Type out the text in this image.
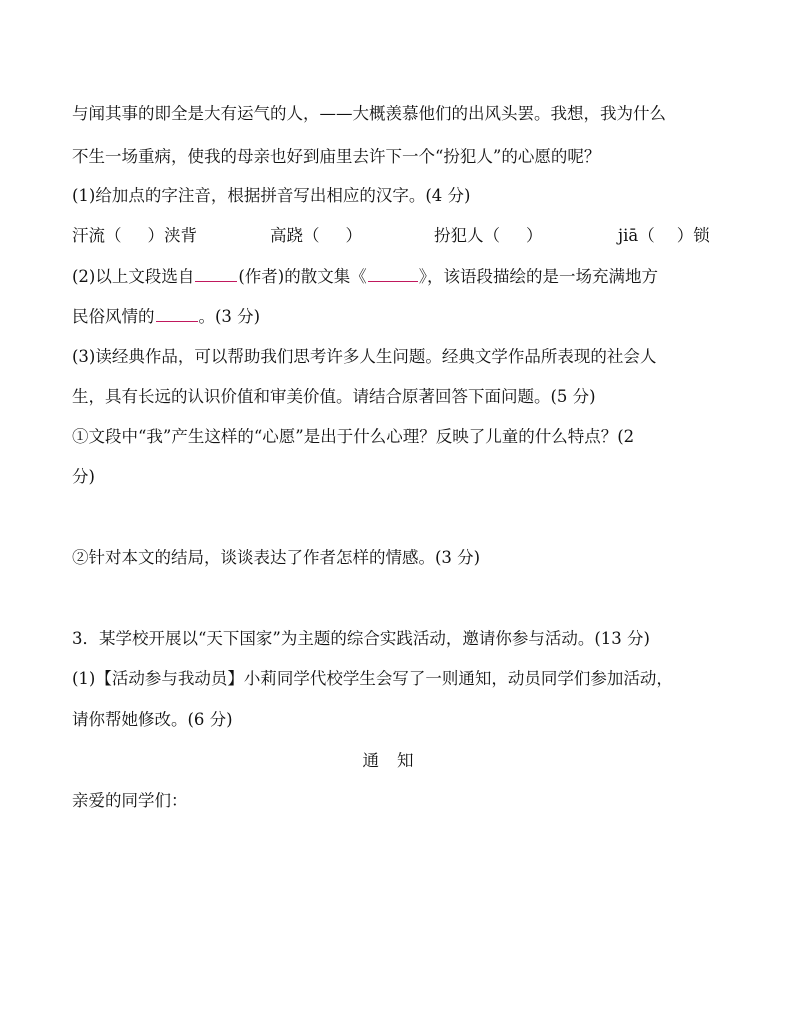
与闻其事的即全是大有运气的人，——大概羡慕他们的出风头罢。我想，我为什么
不生一场重病，使我的母亲也好到庙里去许下一个“扮犯人”的心愿的呢？
(1)给加点的字注音，根据拼音写出相应的汉字。(4 分)
汗流（ ）浃背	高跷（ ）	扮犯人（ ）	jiā（ ）锁
(2)以上文段选自	(作者)的散文集《	》，该语段描绘的是一场充满地方
民俗风情的	。(3 分)
(3)读经典作品，可以帮助我们思考许多人生问题。经典文学作品所表现的社会人
生，具有长远的认识价值和审美价值。请结合原著回答下面问题。(5 分)
①文段中“我”产生这样的“心愿”是出于什么心理？反映了儿童的什么特点？(2
分)
②针对本文的结局，谈谈表达了作者怎样的情感。(3 分)
3．某学校开展以“天下国家”为主题的综合实践活动，邀请你参与活动。(13 分)
(1)【活动参与我动员】小莉同学代校学生会写了一则通知，动员同学们参加活动，
请你帮她修改。(6 分)
通知
亲爱的同学们：
